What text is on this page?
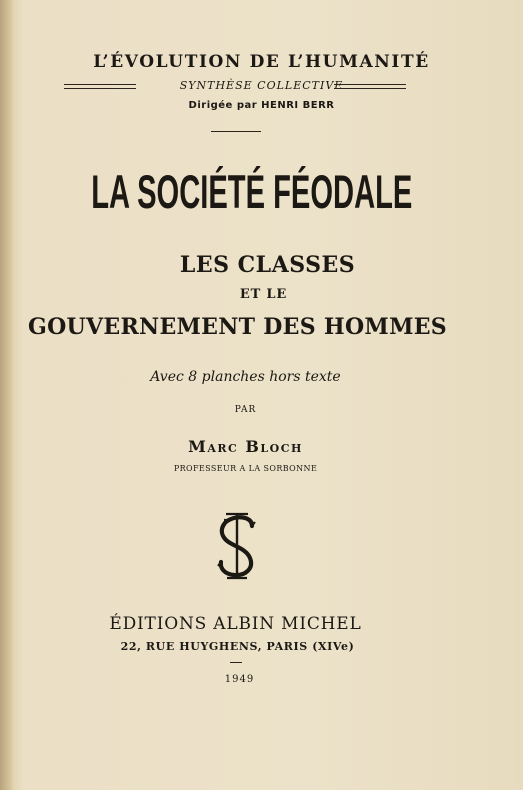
L’ÉVOLUTION DE L’HUMANITÉ
SYNTHÈSE COLLECTIVE
Dirigée par HENRI BERR
LA SOCIÉTÉ FÉODALE
LES CLASSES
ET LE
GOUVERNEMENT DES HOMMES
Avec 8 planches hors texte
PAR
Marc Bloch
PROFESSEUR A LA SORBONNE
ÉDITIONS ALBIN MICHEL
22, RUE HUYGHENS, PARIS (XIVe)
1949
